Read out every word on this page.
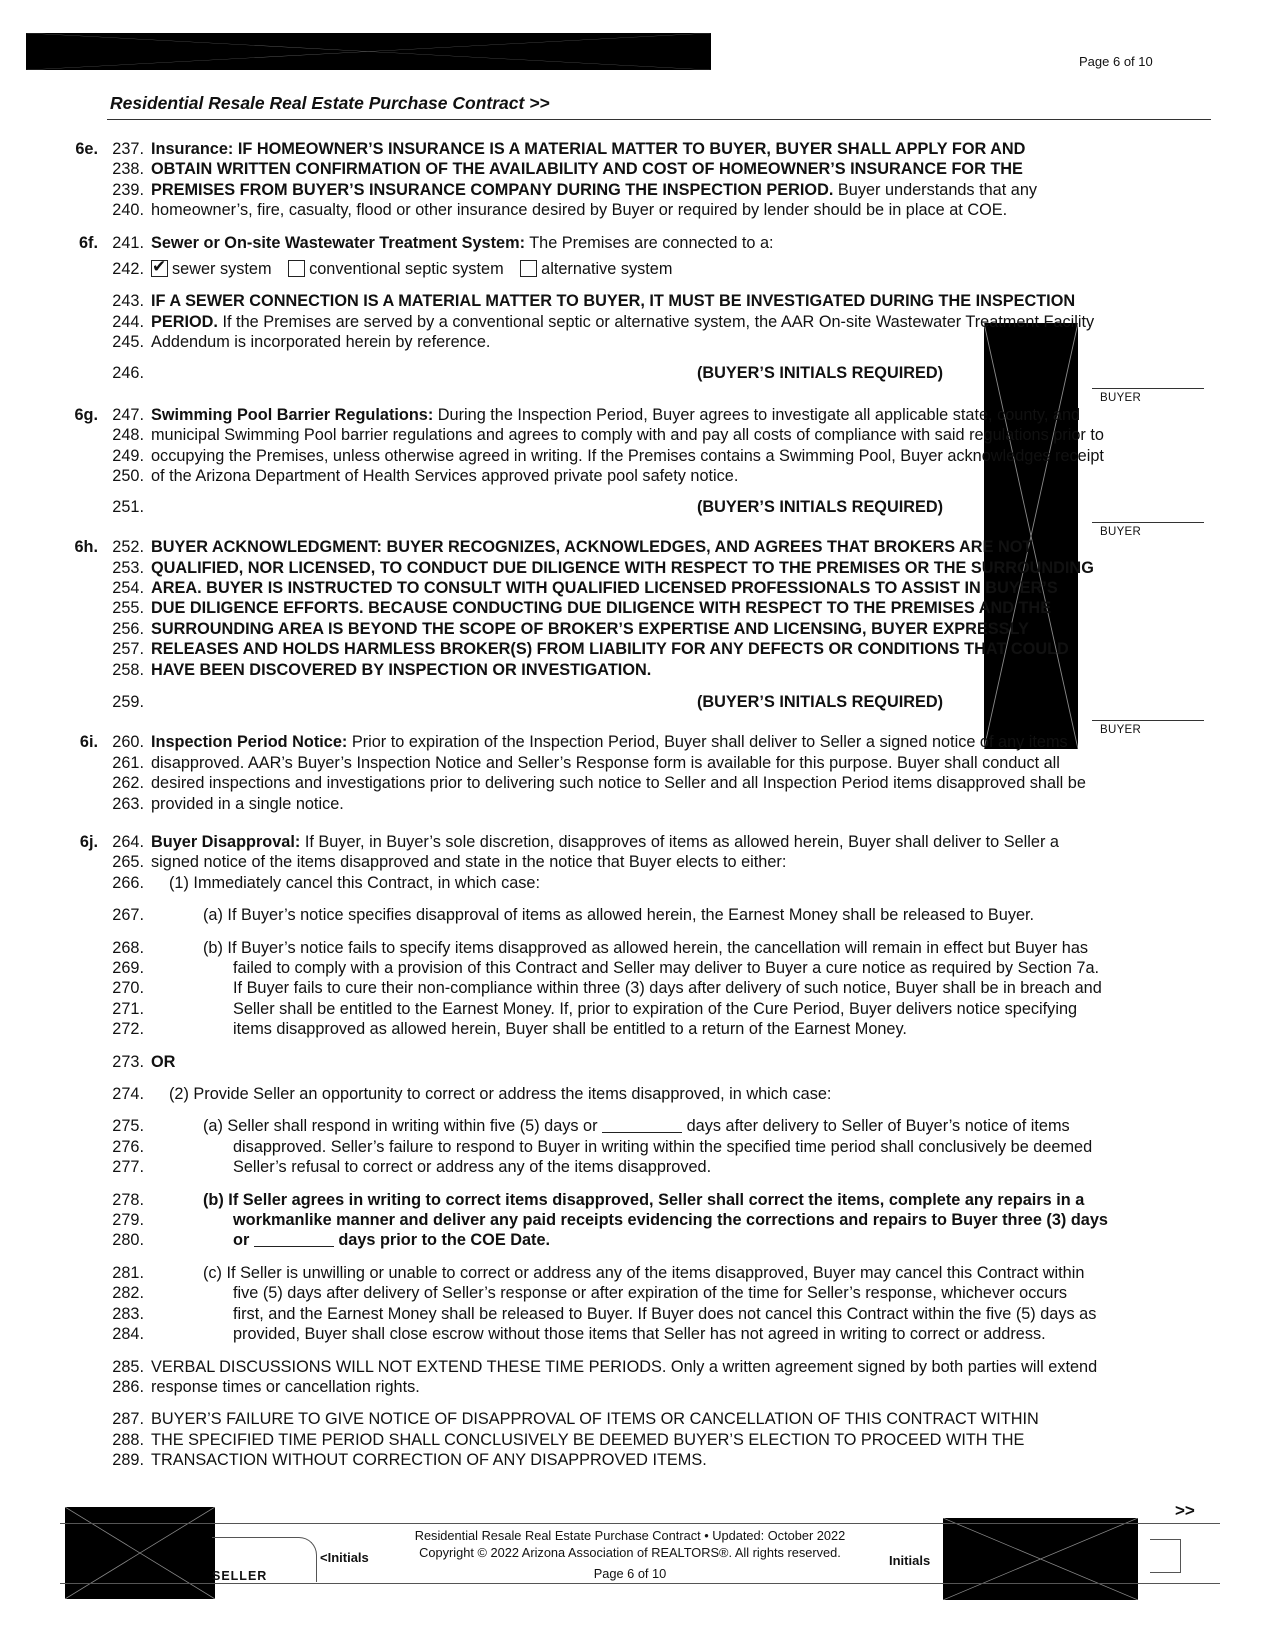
Page 6 of 10
Residential Resale Real Estate Purchase Contract >>
6e. 237. Insurance: IF HOMEOWNER’S INSURANCE IS A MATERIAL MATTER TO BUYER, BUYER SHALL APPLY FOR AND
238. OBTAIN WRITTEN CONFIRMATION OF THE AVAILABILITY AND COST OF HOMEOWNER’S INSURANCE FOR THE
239. PREMISES FROM BUYER’S INSURANCE COMPANY DURING THE INSPECTION PERIOD. Buyer understands that any
240. homeowner’s, fire, casualty, flood or other insurance desired by Buyer or required by lender should be in place at COE.
6f. 241. Sewer or On-site Wastewater Treatment System: The Premises are connected to a:
242.
✔	sewer system conventional septic system alternative system
243. IF A SEWER CONNECTION IS A MATERIAL MATTER TO BUYER, IT MUST BE INVESTIGATED DURING THE INSPECTION
244. PERIOD. If the Premises are served by a conventional septic or alternative system, the AAR On-site Wastewater Treatment Facility
245. Addendum is incorporated herein by reference.
246.	(BUYER’S INITIALS REQUIRED)
6g. 247. Swimming Pool Barrier Regulations: During the Inspection Period, Buyer agrees to investigate all applicable state, county, and
248. municipal Swimming Pool barrier regulations and agrees to comply with and pay all costs of compliance with said regulations prior to
249. occupying the Premises, unless otherwise agreed in writing. If the Premises contains a Swimming Pool, Buyer acknowledges receipt
250. of the Arizona Department of Health Services approved private pool safety notice.
251.	(BUYER’S INITIALS REQUIRED)
6h. 252. BUYER ACKNOWLEDGMENT: BUYER RECOGNIZES, ACKNOWLEDGES, AND AGREES THAT BROKERS ARE NOT
253. QUALIFIED, NOR LICENSED, TO CONDUCT DUE DILIGENCE WITH RESPECT TO THE PREMISES OR THE SURROUNDING
254. AREA. BUYER IS INSTRUCTED TO CONSULT WITH QUALIFIED LICENSED PROFESSIONALS TO ASSIST IN BUYER’S
255. DUE DILIGENCE EFFORTS. BECAUSE CONDUCTING DUE DILIGENCE WITH RESPECT TO THE PREMISES AND THE
256. SURROUNDING AREA IS BEYOND THE SCOPE OF BROKER’S EXPERTISE AND LICENSING, BUYER EXPRESSLY
257. RELEASES AND HOLDS HARMLESS BROKER(S) FROM LIABILITY FOR ANY DEFECTS OR CONDITIONS THAT COULD
258. HAVE BEEN DISCOVERED BY INSPECTION OR INVESTIGATION.
259.	(BUYER’S INITIALS REQUIRED)
6i. 260. Inspection Period Notice: Prior to expiration of the Inspection Period, Buyer shall deliver to Seller a signed notice of any items
261. disapproved. AAR’s Buyer’s Inspection Notice and Seller’s Response form is available for this purpose. Buyer shall conduct all
262. desired inspections and investigations prior to delivering such notice to Seller and all Inspection Period items disapproved shall be
263. provided in a single notice.
6j. 264. Buyer Disapproval: If Buyer, in Buyer’s sole discretion, disapproves of items as allowed herein, Buyer shall deliver to Seller a
265. signed notice of the items disapproved and state in the notice that Buyer elects to either:
266.	(1) Immediately cancel this Contract, in which case:
267.	(a) If Buyer’s notice specifies disapproval of items as allowed herein, the Earnest Money shall be released to Buyer.
268.	(b) If Buyer’s notice fails to specify items disapproved as allowed herein, the cancellation will remain in effect but Buyer has
269.	failed to comply with a provision of this Contract and Seller may deliver to Buyer a cure notice as required by Section 7a.
270.	If Buyer fails to cure their non-compliance within three (3) days after delivery of such notice, Buyer shall be in breach and
271.	Seller shall be entitled to the Earnest Money. If, prior to expiration of the Cure Period, Buyer delivers notice specifying
272.	items disapproved as allowed herein, Buyer shall be entitled to a return of the Earnest Money.
273. OR
274.	(2) Provide Seller an opportunity to correct or address the items disapproved, in which case:
275.	(a) Seller shall respond in writing within five (5) days or	days after delivery to Seller of Buyer’s notice of items
276.	disapproved. Seller’s failure to respond to Buyer in writing within the specified time period shall conclusively be deemed
277.	Seller’s refusal to correct or address any of the items disapproved.
278.	(b) If Seller agrees in writing to correct items disapproved, Seller shall correct the items, complete any repairs in a
279.	workmanlike manner and deliver any paid receipts evidencing the corrections and repairs to Buyer three (3) days
280.	or	days prior to the COE Date.
281.	(c) If Seller is unwilling or unable to correct or address any of the items disapproved, Buyer may cancel this Contract within
282.	five (5) days after delivery of Seller’s response or after expiration of the time for Seller’s response, whichever occurs
283.	first, and the Earnest Money shall be released to Buyer. If Buyer does not cancel this Contract within the five (5) days as
284.	provided, Buyer shall close escrow without those items that Seller has not agreed in writing to correct or address.
285. VERBAL DISCUSSIONS WILL NOT EXTEND THESE TIME PERIODS. Only a written agreement signed by both parties will extend
286. response times or cancellation rights.
287. BUYER’S FAILURE TO GIVE NOTICE OF DISAPPROVAL OF ITEMS OR CANCELLATION OF THIS CONTRACT WITHIN
288. THE SPECIFIED TIME PERIOD SHALL CONCLUSIVELY BE DEEMED BUYER’S ELECTION TO PROCEED WITH THE
289. TRANSACTION WITHOUT CORRECTION OF ANY DISAPPROVED ITEMS.
BUYER
BUYER
BUYER
>>
<Initials
SELLER
Residential Resale Real Estate Purchase Contract • Updated: October 2022
Copyright © 2022 Arizona Association of REALTORS®. All rights reserved.
Page 6 of 10
Initials
